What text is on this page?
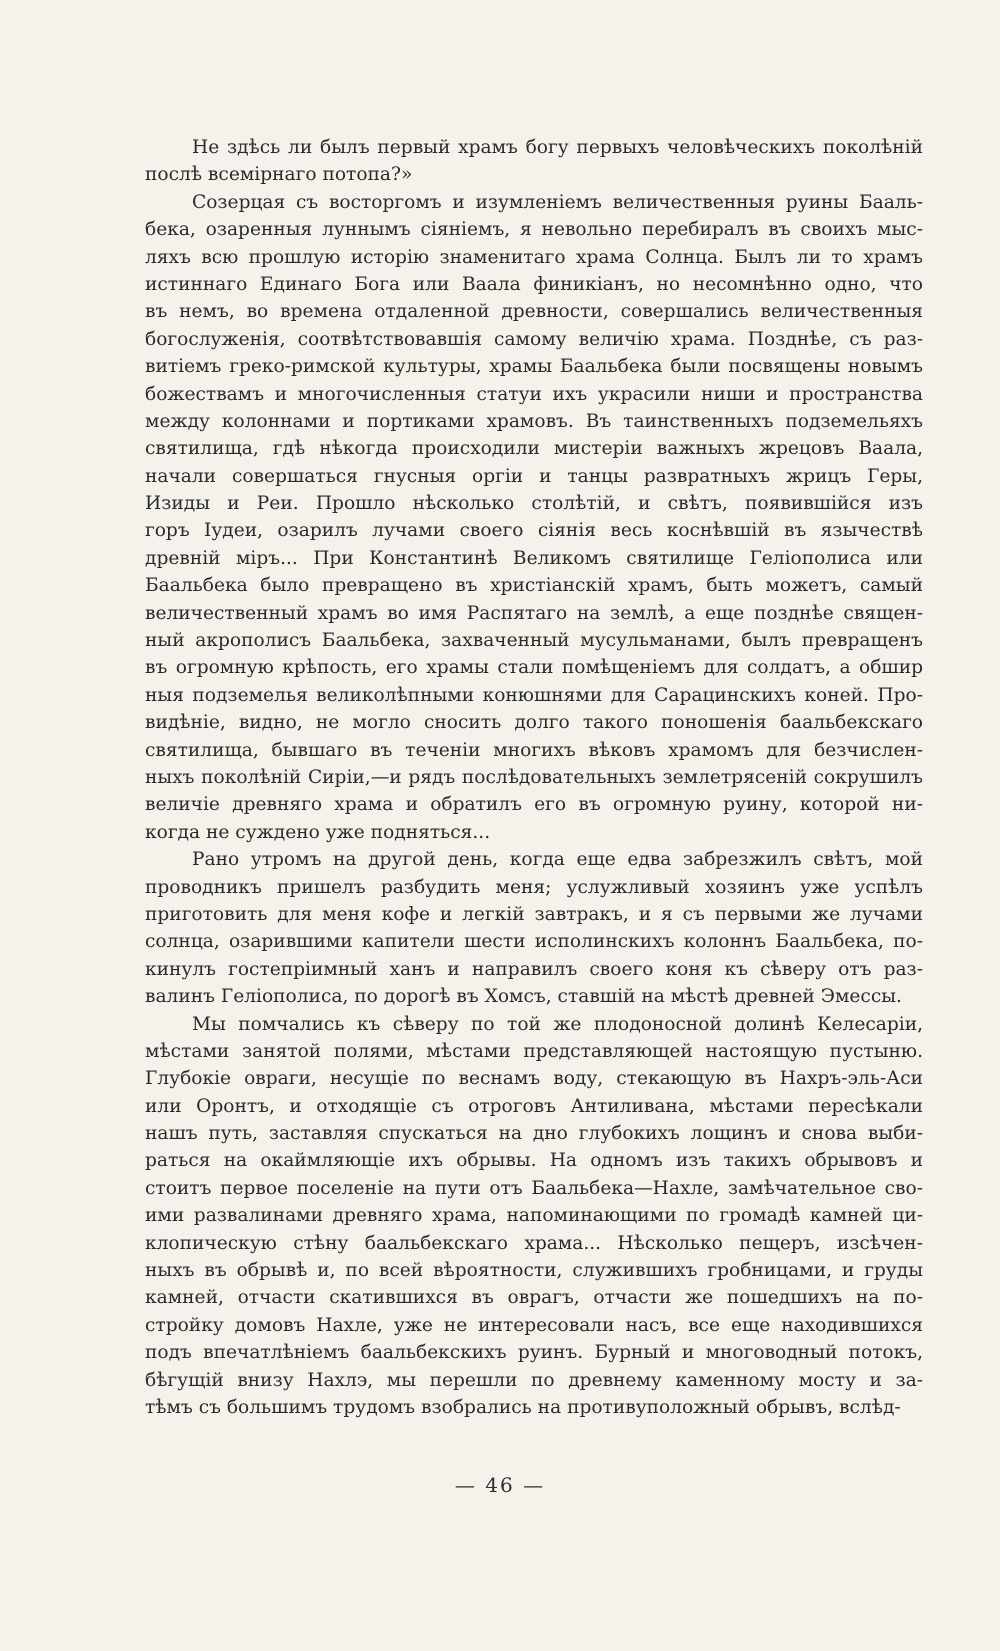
Не здѣсь ли былъ первый храмъ богу первыхъ человѣческихъ поколѣній
послѣ всемірнаго потопа?»
Созерцая съ восторгомъ и изумленіемъ величественныя руины Бааль-
бека, озаренныя луннымъ сіяніемъ, я невольно перебиралъ въ своихъ мыс-
ляхъ всю прошлую исторію знаменитаго храма Солнца. Былъ ли то храмъ
истиннаго Единаго Бога или Ваала финикіанъ, но несомнѣнно одно, что
въ немъ, во времена отдаленной древности, совершались величественныя
богослуженія, соотвѣтствовавшія самому величію храма. Позднѣе, съ раз-
витіемъ греко-римской культуры, храмы Баальбека были посвящены новымъ
божествамъ и многочисленныя статуи ихъ украсили ниши и пространства
между колоннами и портиками храмовъ. Въ таинственныхъ подземельяхъ
святилища, гдѣ нѣкогда происходили мистеріи важныхъ жрецовъ Ваала,
начали совершаться гнусныя оргіи и танцы развратныхъ жрицъ Геры,
Изиды и Реи. Прошло нѣсколько столѣтій, и свѣтъ, появившійся изъ
горъ Іудеи, озарилъ лучами своего сіянія весь коснѣвшій въ язычествѣ
древній міръ... При Константинѣ Великомъ святилище Геліополиса или
Баальбека было превращено въ христіанскій храмъ, быть можетъ, самый
величественный храмъ во имя Распятаго на землѣ, а еще позднѣе священ-
ный акрополисъ Баальбека, захваченный мусульманами, былъ превращенъ
въ огромную крѣпость, его храмы стали помѣщеніемъ для солдатъ, а обшир
ныя подземелья великолѣпными конюшнями для Сарацинскихъ коней. Про-
видѣніе, видно, не могло сносить долго такого поношенія баальбекскаго
святилища, бывшаго въ теченіи многихъ вѣковъ храмомъ для безчислен-
ныхъ поколѣній Сиріи,—и рядъ послѣдовательныхъ землетрясеній сокрушилъ
величіе древняго храма и обратилъ его въ огромную руину, которой ни-
когда не суждено уже подняться...
Рано утромъ на другой день, когда еще едва забрезжилъ свѣтъ, мой
проводникъ пришелъ разбудить меня; услужливый хозяинъ уже успѣлъ
приготовить для меня кофе и легкій завтракъ, и я съ первыми же лучами
солнца, озарившими капители шести исполинскихъ колоннъ Баальбека, по-
кинулъ гостепріимный ханъ и направилъ своего коня къ сѣверу отъ раз-
валинъ Геліополиса, по дорогѣ въ Хомсъ, ставшій на мѣстѣ древней Эмессы.
Мы помчались къ сѣверу по той же плодоносной долинѣ Келесаріи,
мѣстами занятой полями, мѣстами представляющей настоящую пустыню.
Глубокіе овраги, несущіе по веснамъ воду, стекающую въ Нахръ-эль-Аси
или Оронтъ, и отходящіе съ отроговъ Антиливана, мѣстами пересѣкали
нашъ путь, заставляя спускаться на дно глубокихъ лощинъ и снова выби-
раться на окаймляющіе ихъ обрывы. На одномъ изъ такихъ обрывовъ и
стоитъ первое поселеніе на пути отъ Баальбека—Нахле, замѣчательное сво-
ими развалинами древняго храма, напоминающими по громадѣ камней ци-
клопическую стѣну баальбекскаго храма... Нѣсколько пещеръ, изсѣчен-
ныхъ въ обрывѣ и, по всей вѣроятности, служившихъ гробницами, и груды
камней, отчасти скатившихся въ оврагъ, отчасти же пошедшихъ на по-
стройку домовъ Нахле, уже не интересовали насъ, все еще находившихся
подъ впечатлѣніемъ баальбекскихъ руинъ. Бурный и многоводный потокъ,
бѣгущій внизу Нахлэ, мы перешли по древнему каменному мосту и за-
тѣмъ съ большимъ трудомъ взобрались на противуположный обрывъ, вслѣд-
— 46 —
